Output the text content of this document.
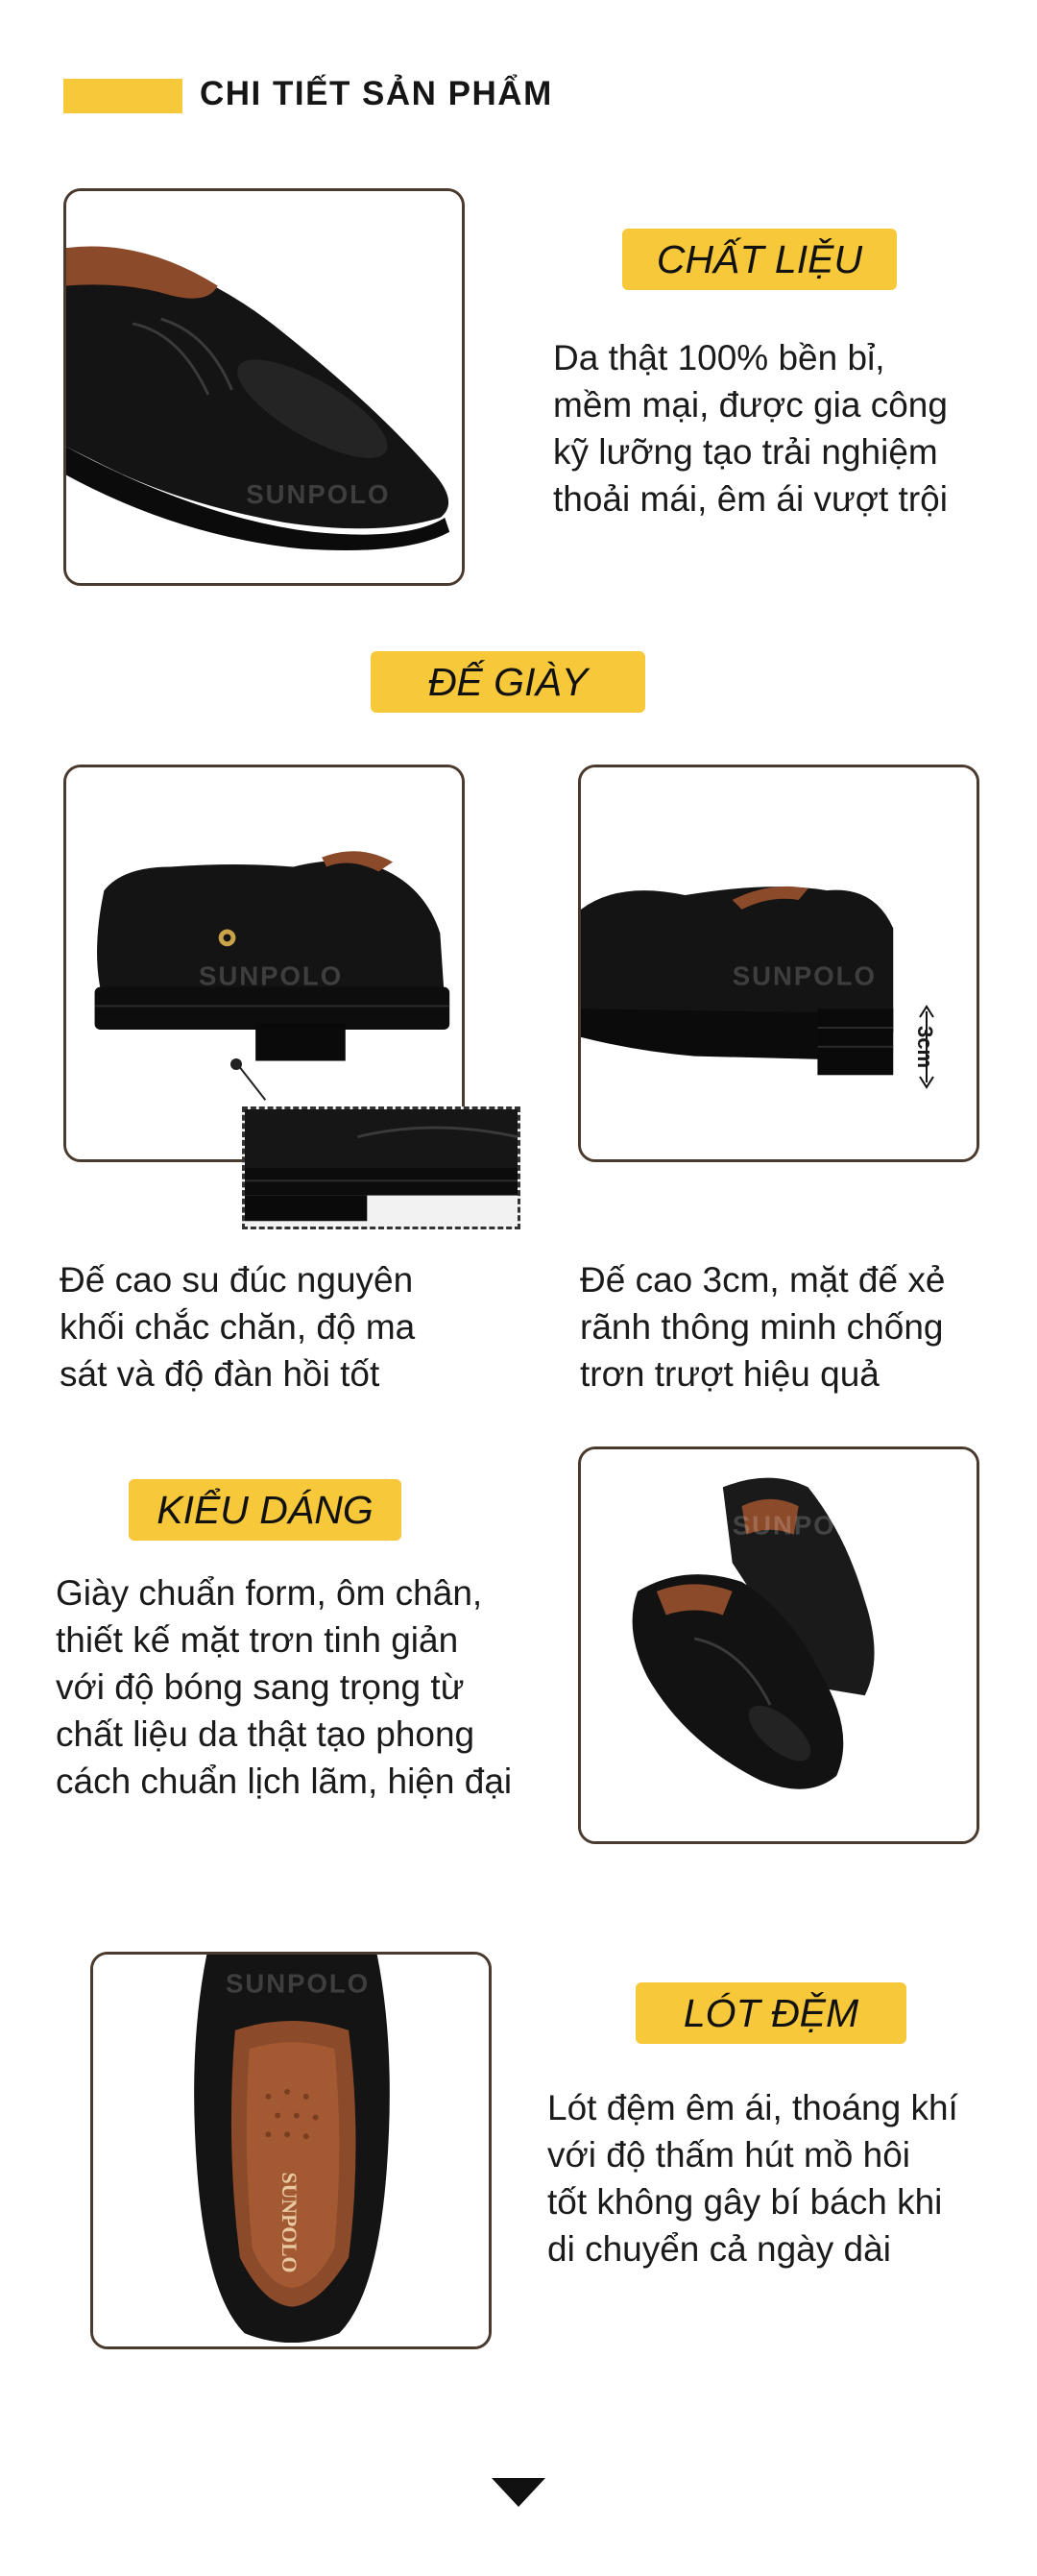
CHI TIẾT SẢN PHẨM
SUNPOLO
CHẤT LIỆU
Da thật 100% bền bỉ,
mềm mại, được gia công
kỹ lưỡng tạo trải nghiệm
thoải mái, êm ái vượt trội
ĐẾ GIÀY
SUNPOLO	SUNPOLO
3cm
Đế cao su đúc nguyên
khối chắc chăn, độ ma
sát và độ đàn hồi tốt
Đế cao 3cm, mặt đế xẻ
rãnh thông minh chống
trơn trượt hiệu quả
KIỂU DÁNG
Giày chuẩn form, ôm chân,
thiết kế mặt trơn tinh giản
với độ bóng sang trọng từ
chất liệu da thật tạo phong
cách chuẩn lịch lãm, hiện đại
SUNPOLO
SUNPOLO
SUNPOLO
LÓT ĐỆM
Lót đệm êm ái, thoáng khí
với độ thấm hút mồ hôi
tốt không gây bí bách khi
di chuyển cả ngày dài
